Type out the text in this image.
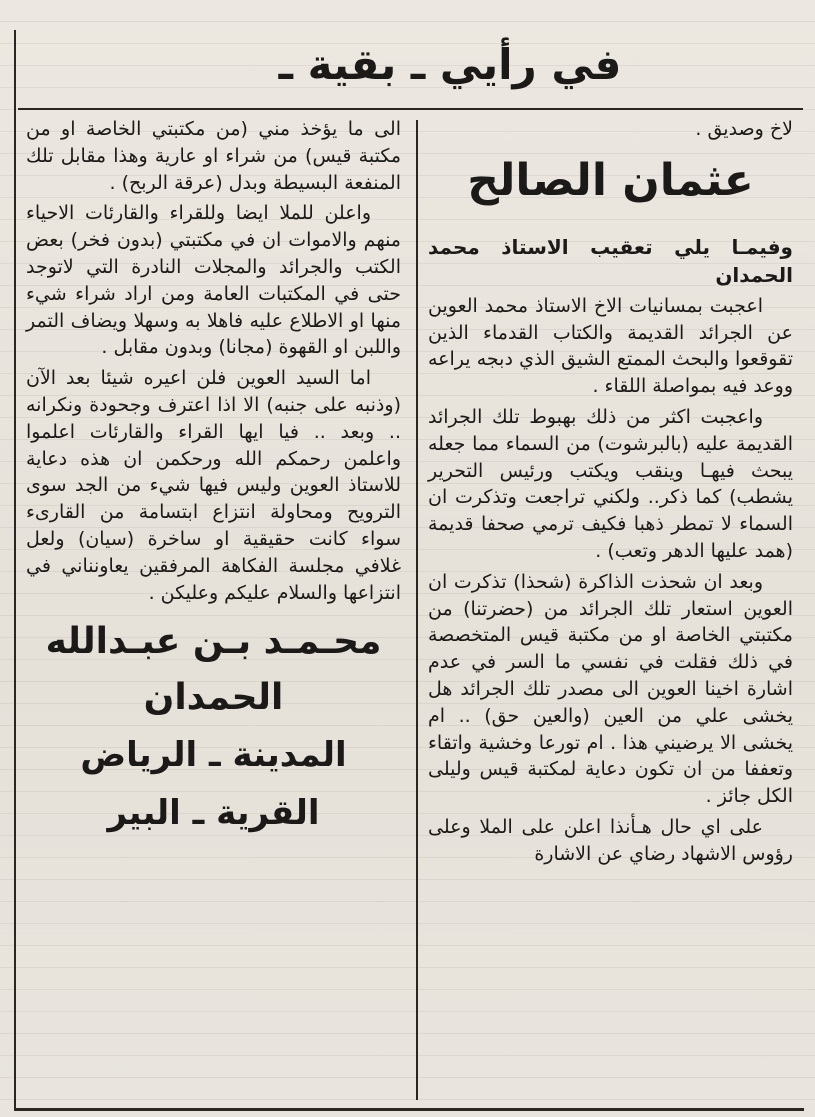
في رأيي ـ بقية ـ

لاخ وصديق .

عثمان الصالح

وفيمـا يلي تعقيب الاستاذ محمد الحمدان

اعجبت بمسانيات الاخ الاستاذ محمد العوين عن الجرائد القديمة والكتاب القدماء الذين تقوقعوا والبحث الممتع الشيق الذي دبجه يراعه ووعد فيه بمواصلة اللقاء .

واعجبت اكثر من ذلك بهبوط تلك الجرائد القديمة عليه (بالبرشوت) من السماء مما جعله يبحث فيهـا وينقب ويكتب ورئيس التحرير يشطب) كما ذكر.. ولكني تراجعت وتذكرت ان السماء لا تمطر ذهبا فكيف ترمي صحفا قديمة (همد عليها الدهر وتعب) .

وبعد ان شحذت الذاكرة (شحذا) تذكرت ان العوين استعار تلك الجرائد من (حضرتنا) من مكتبتي الخاصة او من مكتبة قيس المتخصصة في ذلك فقلت في نفسي ما السر في عدم اشارة اخينا العوين الى مصدر تلك الجرائد هل يخشى علي من العين (والعين حق) .. ام يخشى الا يرضيني هذا . ام تورعا وخشية واتقاء وتعففا من ان تكون دعاية لمكتبة قيس وليلى الكل جائز .

على اي حال هـأنذا اعلن على الملا وعلى رؤوس الاشهاد رضاي عن الاشارة

الى ما يؤخذ مني (من مكتبتي الخاصة او من مكتبة قيس) من شراء او عارية وهذا مقابل تلك المنفعة البسيطة وبدل (عرقة الربح) .

واعلن للملا ايضا وللقراء والقارئات الاحياء منهم والاموات ان في مكتبتي (بدون فخر) بعض الكتب والجرائد والمجلات النادرة التي لاتوجد حتى في المكتبات العامة ومن اراد شراء شيء منها او الاطلاع عليه فاهلا به وسهلا ويضاف التمر واللبن او القهوة (مجانا) وبدون مقابل .

اما السيد العوين فلن اعيره شيئا بعد الآن (وذنبه على جنبه) الا اذا اعترف وجحودة ونكرانه .. وبعد .. فيا ايها القراء والقارئات اعلموا واعلمن رحمكم الله ورحكمن ان هذه دعاية للاستاذ العوين وليس فيها شيء من الجد سوى الترويح ومحاولة انتزاع ابتسامة من القارىء سواء كانت حقيقية او ساخرة (سيان) ولعل غلافي مجلسة الفكاهة المرفقين يعاونناني في انتزاعها والسلام عليكم وعليكن .

محـمـد بـن عبـدالله
الحمدان
المدينة ـ الرياض
القرية ـ البير
